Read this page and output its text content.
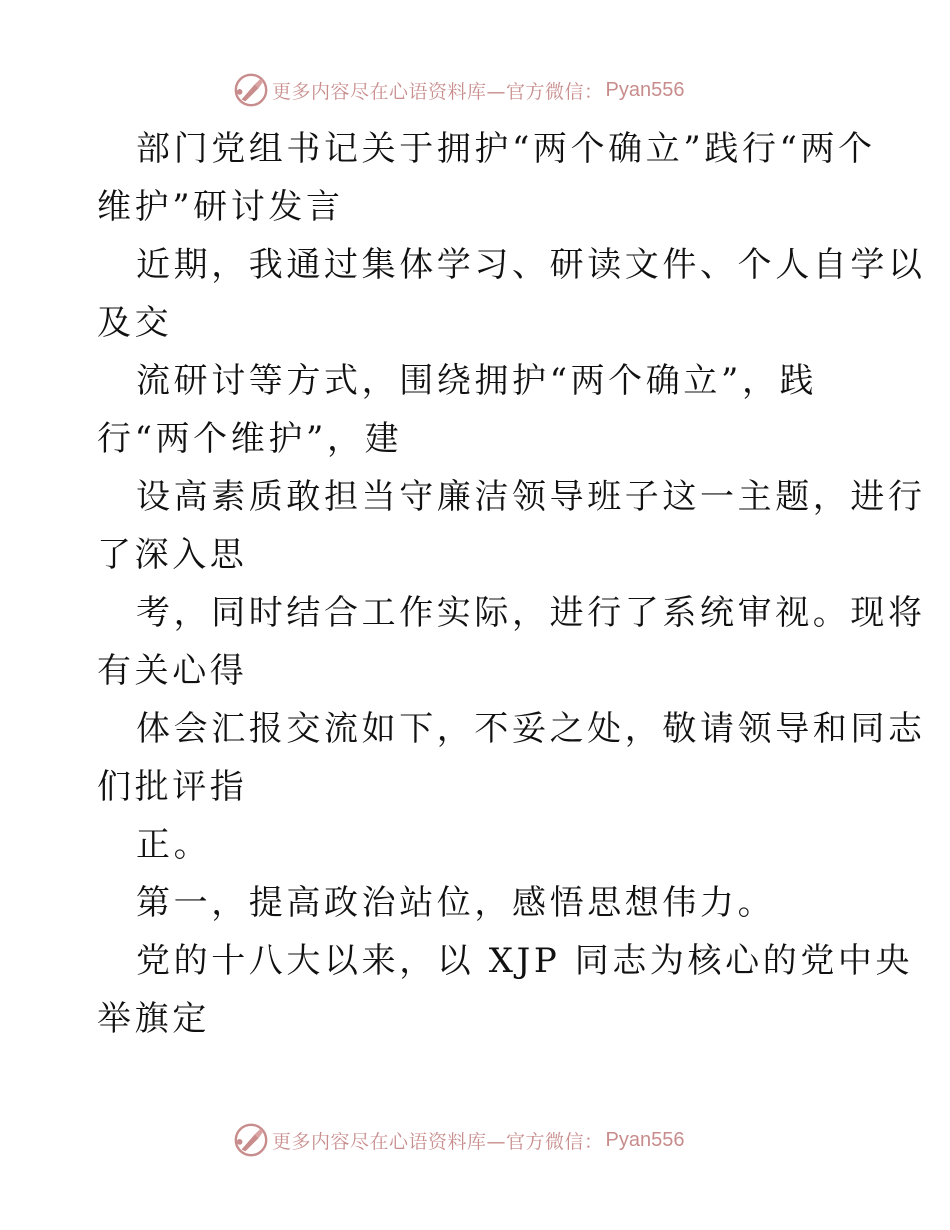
更多内容尽在心语资料库—官方微信： Pyan556
部门党组书记关于拥护“两个确立”践行“两个
维护”研讨发言
近期，我通过集体学习、研读文件、个人自学以
及交
流研讨等方式，围绕拥护“两个确立”，践
行“两个维护”，建
设高素质敢担当守廉洁领导班子这一主题，进行
了深入思
考，同时结合工作实际，进行了系统审视。现将
有关心得
体会汇报交流如下，不妥之处，敬请领导和同志
们批评指
正。
第一，提高政治站位，感悟思想伟力。
党的十八大以来，以 XJP 同志为核心的党中央
举旗定
更多内容尽在心语资料库—官方微信： Pyan556
